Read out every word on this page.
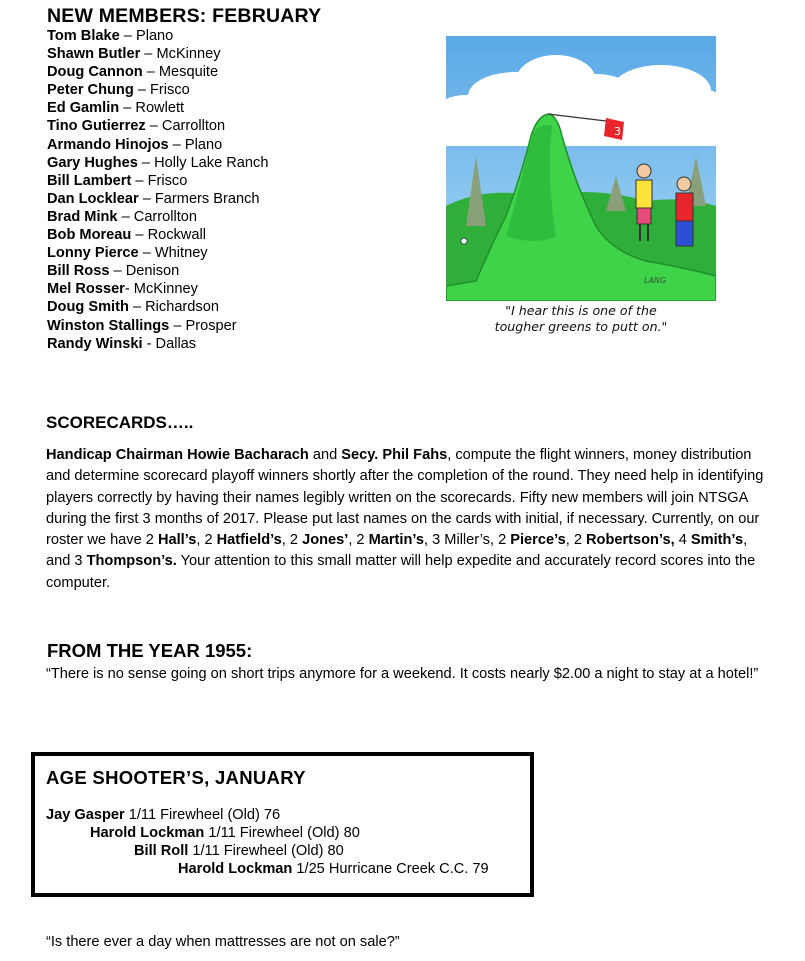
NEW MEMBERS: FEBRUARY
Tom Blake – Plano
Shawn Butler – McKinney
Doug Cannon – Mesquite
Peter Chung – Frisco
Ed Gamlin – Rowlett
Tino Gutierrez – Carrollton
Armando Hinojos – Plano
Gary Hughes – Holly Lake Ranch
Bill Lambert – Frisco
Dan Locklear – Farmers Branch
Brad Mink – Carrollton
Bob Moreau – Rockwall
Lonny Pierce – Whitney
Bill Ross – Denison
Mel Rosser- McKinney
Doug Smith – Richardson
Winston Stallings – Prosper
Randy Winski - Dallas
3
LANG
"I hear this is one of the
tougher greens to putt on."
SCORECARDS…..
Handicap Chairman Howie Bacharach and Secy. Phil Fahs, compute the flight winners, money distribution and determine scorecard playoff winners shortly after the completion of the round. They need help in identifying players correctly by having their names legibly written on the scorecards. Fifty new members will join NTSGA during the first 3 months of 2017. Please put last names on the cards with initial, if necessary. Currently, on our roster we have 2 Hall’s, 2 Hatfield’s, 2 Jones’, 2 Martin’s, 3 Miller’s, 2 Pierce’s, 2 Robertson’s, 4 Smith’s, and 3 Thompson’s. Your attention to this small matter will help expedite and accurately record scores into the computer.
FROM THE YEAR 1955:
“There is no sense going on short trips anymore for a weekend. It costs nearly $2.00 a night to stay at a hotel!”
AGE SHOOTER’S, JANUARY
Jay Gasper 1/11 Firewheel (Old) 76
Harold Lockman 1/11 Firewheel (Old) 80
Bill Roll 1/11 Firewheel (Old) 80
Harold Lockman 1/25 Hurricane Creek C.C. 79
“Is there ever a day when mattresses are not on sale?”
